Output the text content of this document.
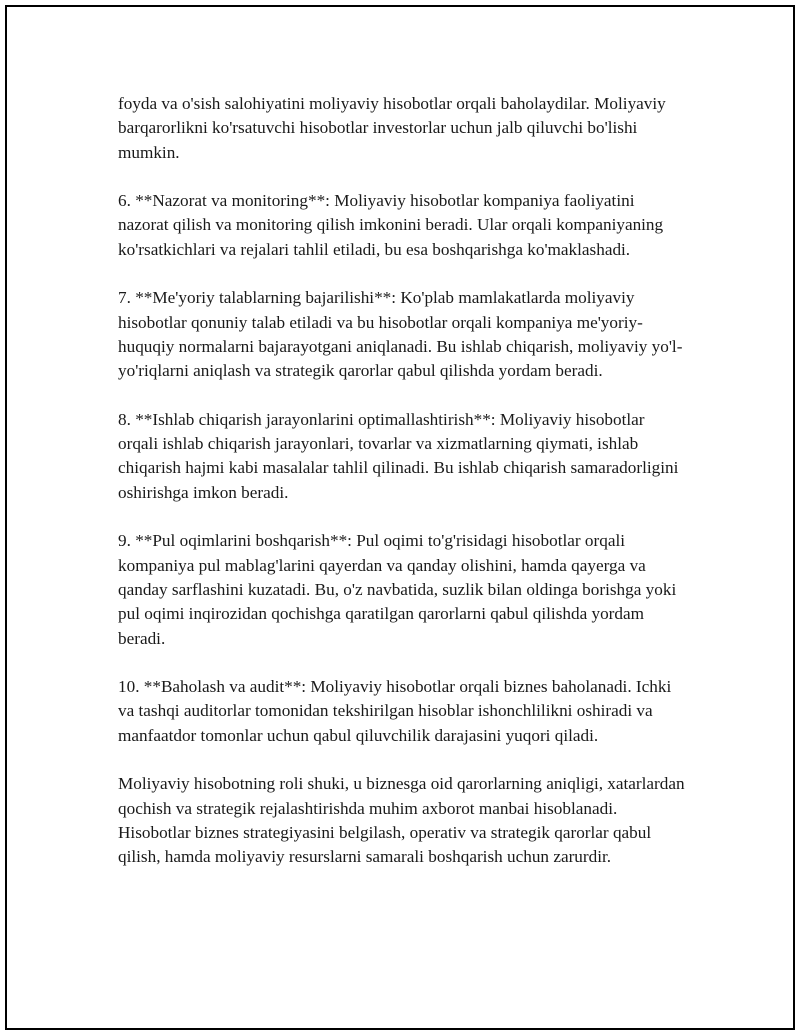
foyda va o'sish salohiyatini moliyaviy hisobotlar orqali baholaydilar. Moliyaviy barqarorlikni ko'rsatuvchi hisobotlar investorlar uchun jalb qiluvchi bo'lishi mumkin.

6. **Nazorat va monitoring**: Moliyaviy hisobotlar kompaniya faoliyatini nazorat qilish va monitoring qilish imkonini beradi. Ular orqali kompaniyaning ko'rsatkichlari va rejalari tahlil etiladi, bu esa boshqarishga ko'maklashadi.

7. **Me'yoriy talablarning bajarilishi**: Ko'plab mamlakatlarda moliyaviy hisobotlar qonuniy talab etiladi va bu hisobotlar orqali kompaniya me'yoriy-huquqiy normalarni bajarayotgani aniqlanadi. Bu ishlab chiqarish, moliyaviy yo'l-yo'riqlarni aniqlash va strategik qarorlar qabul qilishda yordam beradi.

8. **Ishlab chiqarish jarayonlarini optimallashtirish**: Moliyaviy hisobotlar orqali ishlab chiqarish jarayonlari, tovarlar va xizmatlarning qiymati, ishlab chiqarish hajmi kabi masalalar tahlil qilinadi. Bu ishlab chiqarish samaradorligini oshirishga imkon beradi.

9. **Pul oqimlarini boshqarish**: Pul oqimi to'g'risidagi hisobotlar orqali kompaniya pul mablag'larini qayerdan va qanday olishini, hamda qayerga va qanday sarflashini kuzatadi. Bu, o'z navbatida, suzlik bilan oldinga borishga yoki pul oqimi inqirozidan qochishga qaratilgan qarorlarni qabul qilishda yordam beradi.

10. **Baholash va audit**: Moliyaviy hisobotlar orqali biznes baholanadi. Ichki va tashqi auditorlar tomonidan tekshirilgan hisoblar ishonchlilikni oshiradi va manfaatdor tomonlar uchun qabul qiluvchilik darajasini yuqori qiladi.

Moliyaviy hisobotning roli shuki, u biznesga oid qarorlarning aniqligi, xatarlardan qochish va strategik rejalashtirishda muhim axborot manbai hisoblanadi. Hisobotlar biznes strategiyasini belgilash, operativ va strategik qarorlar qabul qilish, hamda moliyaviy resurslarni samarali boshqarish uchun zarurdir.
